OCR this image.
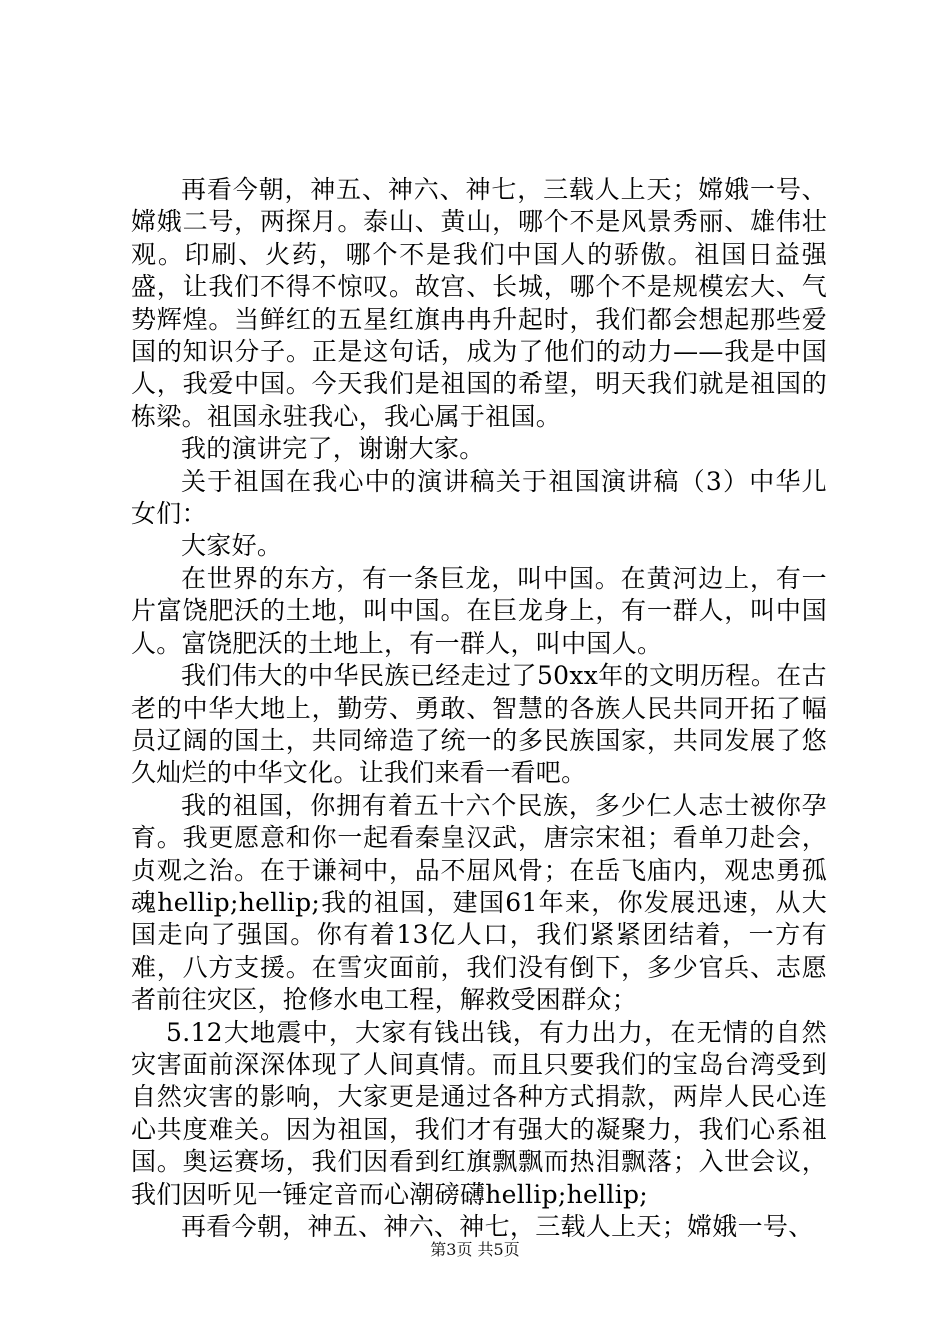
再看今朝，神五、神六、神七，三载人上天；嫦娥一号、嫦娥二号，两探月。泰山、黄山，哪个不是风景秀丽、雄伟壮观。印刷、火药，哪个不是我们中国人的骄傲。祖国日益强盛，让我们不得不惊叹。故宫、长城，哪个不是规模宏大、气势辉煌。当鲜红的五星红旗冉冉升起时，我们都会想起那些爱国的知识分子。正是这句话，成为了他们的动力——我是中国人，我爱中国。今天我们是祖国的希望，明天我们就是祖国的栋梁。祖国永驻我心，我心属于祖国。

我的演讲完了，谢谢大家。

关于祖国在我心中的演讲稿关于祖国演讲稿（3）中华儿女们：

大家好。

在世界的东方，有一条巨龙，叫中国。在黄河边上，有一片富饶肥沃的土地，叫中国。在巨龙身上，有一群人，叫中国人。富饶肥沃的土地上，有一群人，叫中国人。

我们伟大的中华民族已经走过了50xx年的文明历程。在古老的中华大地上，勤劳、勇敢、智慧的各族人民共同开拓了幅员辽阔的国土，共同缔造了统一的多民族国家，共同发展了悠久灿烂的中华文化。让我们来看一看吧。

我的祖国，你拥有着五十六个民族，多少仁人志士被你孕育。我更愿意和你一起看秦皇汉武，唐宗宋祖；看单刀赴会，贞观之治。在于谦祠中，品不屈风骨；在岳飞庙内，观忠勇孤魂hellip;hellip;我的祖国，建国61年来，你发展迅速，从大国走向了强国。你有着13亿人口，我们紧紧团结着，一方有难，八方支援。在雪灾面前，我们没有倒下，多少官兵、志愿者前往灾区，抢修水电工程，解救受困群众；

5.12大地震中，大家有钱出钱，有力出力，在无情的自然灾害面前深深体现了人间真情。而且只要我们的宝岛台湾受到自然灾害的影响，大家更是通过各种方式捐款，两岸人民心连心共度难关。因为祖国，我们才有强大的凝聚力，我们心系祖国。奥运赛场，我们因看到红旗飘飘而热泪飘落；入世会议，我们因听见一锤定音而心潮磅礴hellip;hellip;

再看今朝，神五、神六、神七，三载人上天；嫦娥一号、

第3页 共5页
